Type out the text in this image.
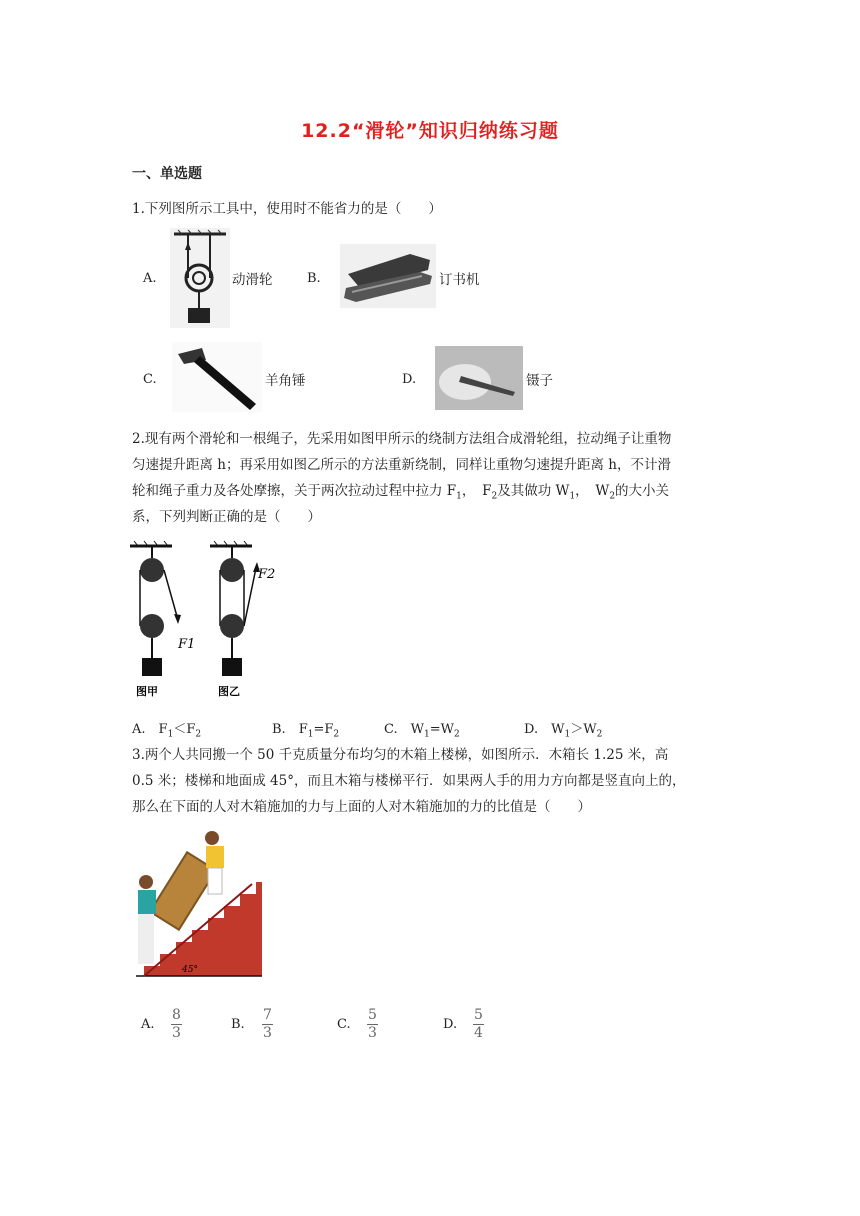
12.2“滑轮”知识归纳练习题
一、单选题
1.下列图所示工具中，使用时不能省力的是（　　）
A.	动滑轮	B.	订书机
C.	羊角锤	D.	镊子
2.现有两个滑轮和一根绳子，先采用如图甲所示的绕制方法组合成滑轮组，拉动绳子让重物
匀速提升距离 h；再采用如图乙所示的方法重新绕制，同样让重物匀速提升距离 h，不计滑
轮和绳子重力及各处摩擦，关于两次拉动过程中拉力 $F_1$，　$F_2$及其做功 $W_1$，　$W_2$的大小关
系，下列判断正确的是（　　）
F1
图甲
F2
图乙
A.　 $F_1<F_2$	B.　 $F_1=F_2$	C.　 $W_1=W_2$	D.　 $W_1>W_2$
3.两个人共同搬一个 50 千克质量分布均匀的木箱上楼梯，如图所示．木箱长 1.25 米，高
0.5 米；楼梯和地面成 45°，而且木箱与楼梯平行．如果两人手的用力方向都是竖直向上的，
那么在下面的人对木箱施加的力与上面的人对木箱施加的力的比值是（　　）
45°
A. $\frac{8}{3}$	B. $\frac{7}{3}$	C. $\frac{5}{3}$	D. $\frac{5}{4}$
